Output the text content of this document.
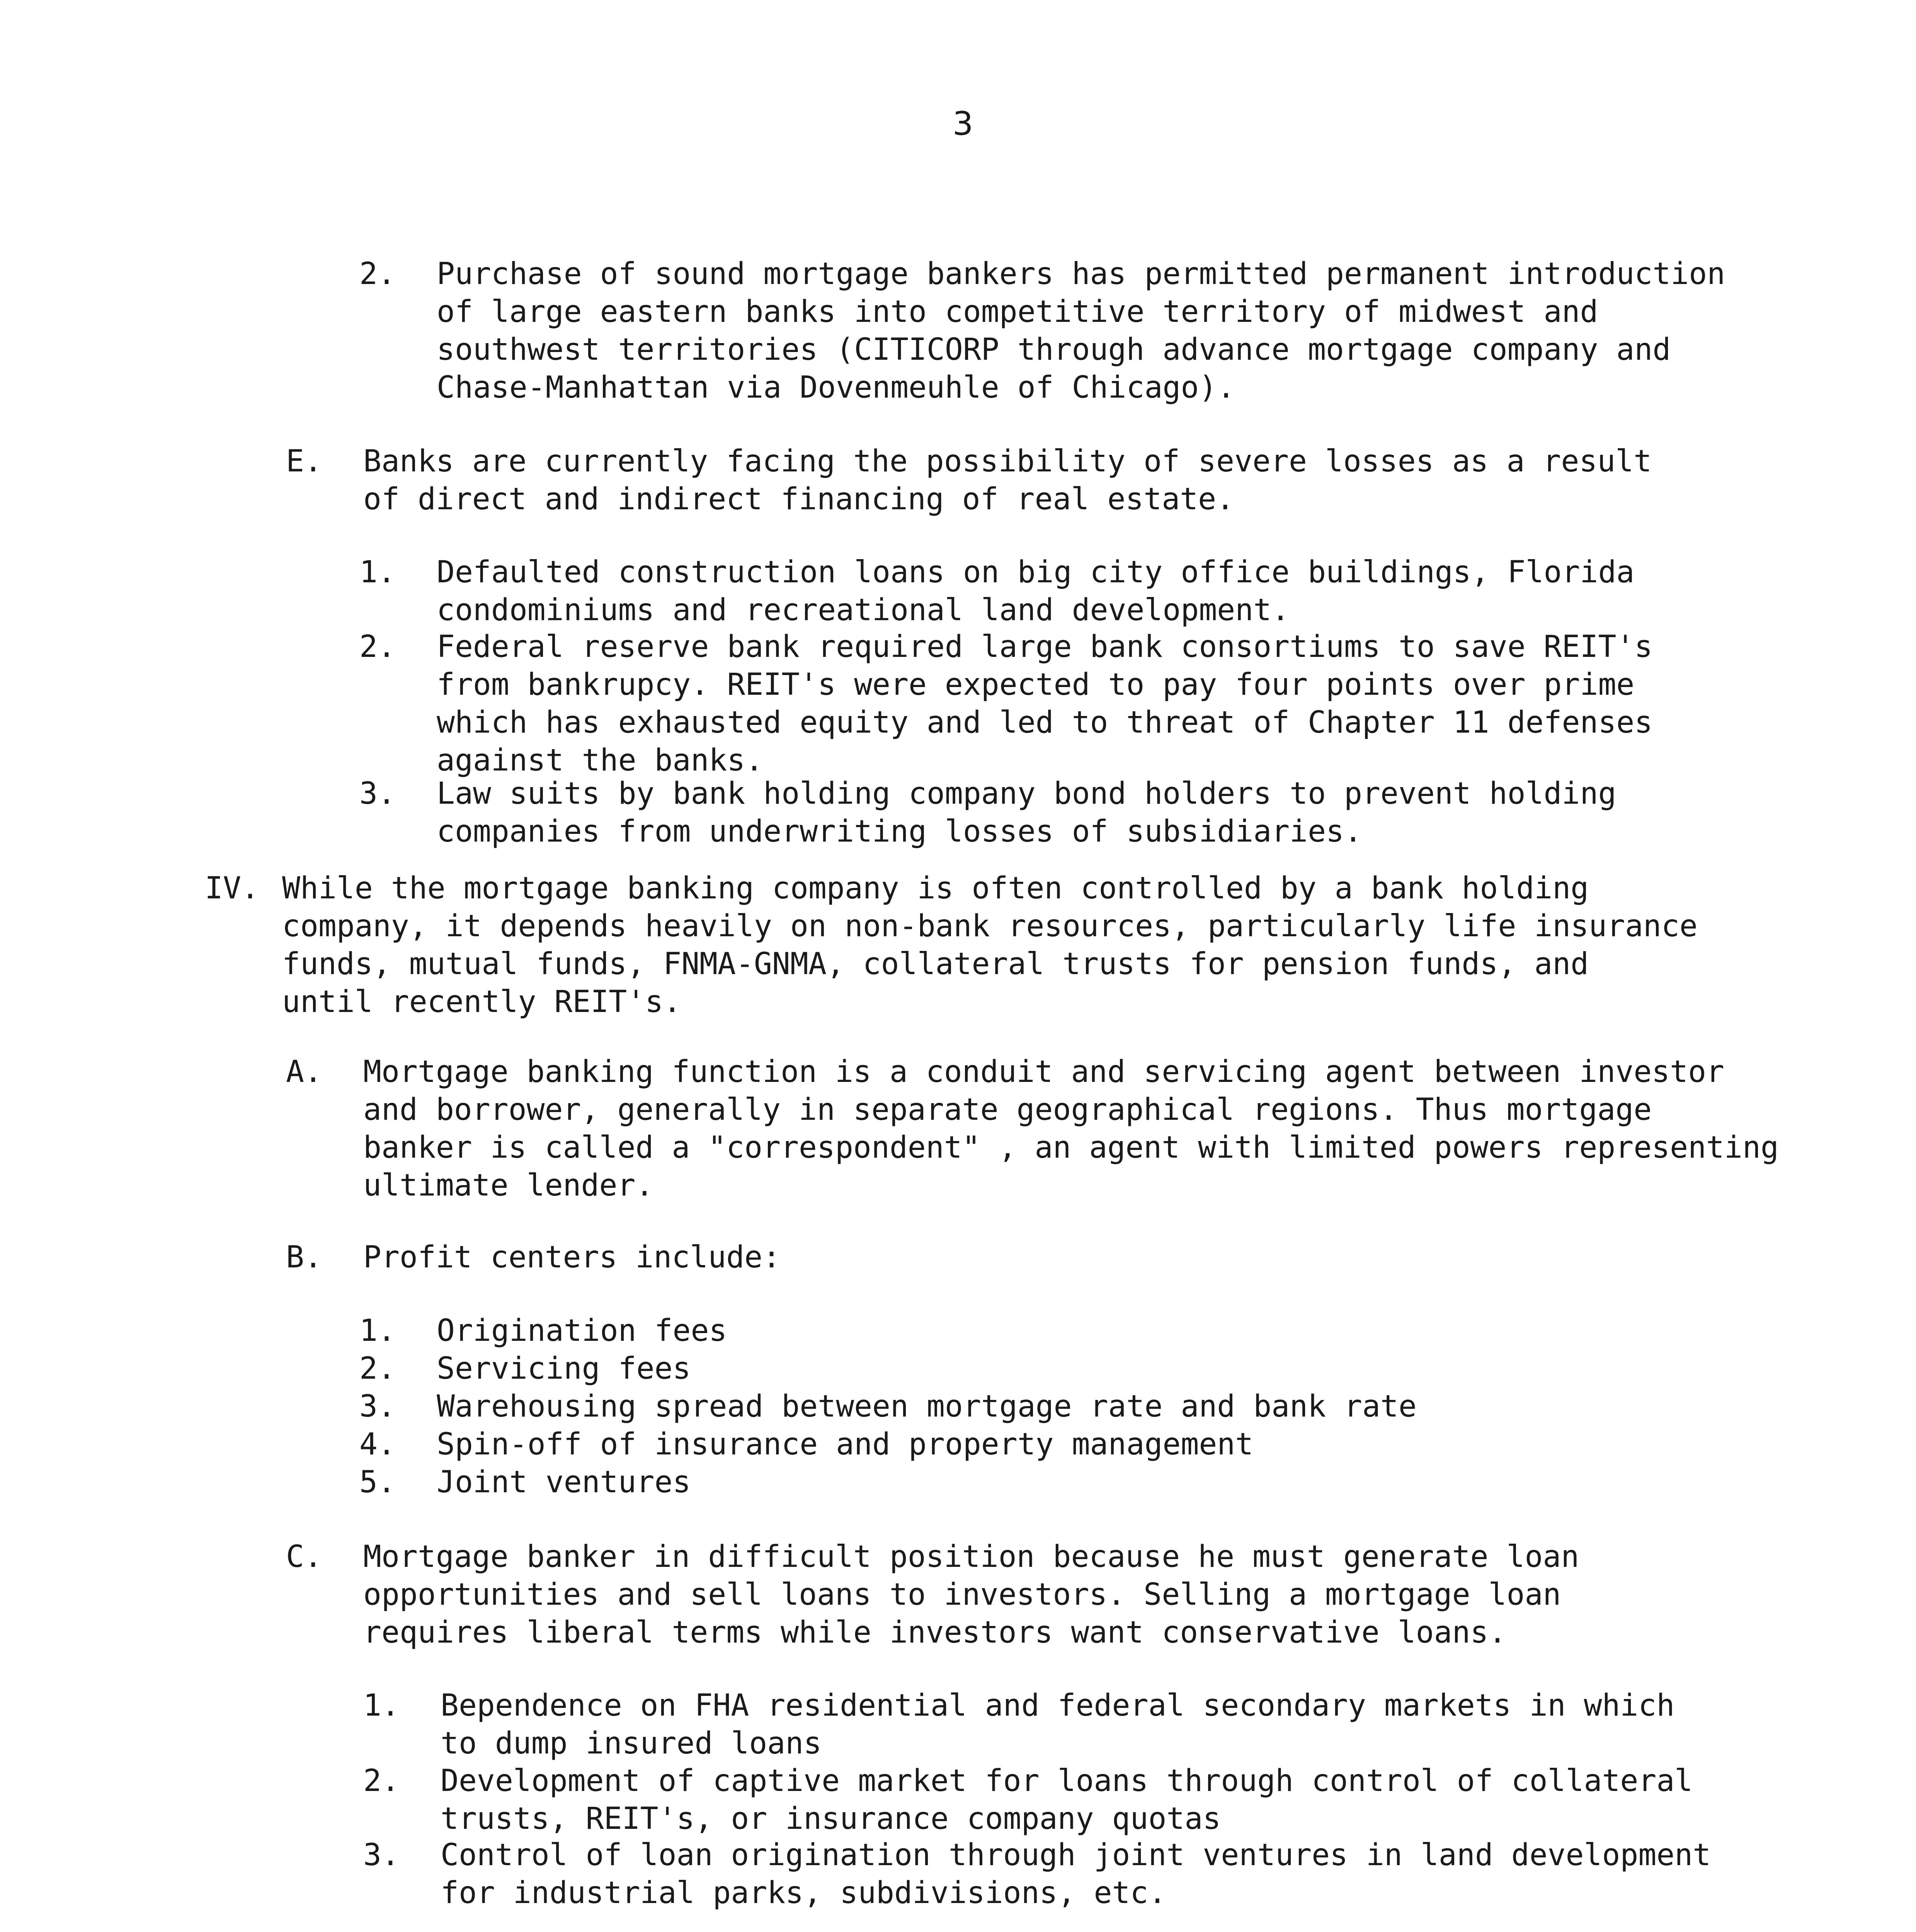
3
2.	Purchase of sound mortgage bankers has permitted permanent introduction
of large eastern banks into competitive territory of midwest and
southwest territories (CITICORP through advance mortgage company and
Chase-Manhattan via Dovenmeuhle of Chicago).
E.	Banks are currently facing the possibility of severe losses as a result
of direct and indirect financing of real estate.
1.	Defaulted construction loans on big city office buildings, Florida
condominiums and recreational land development.
2.	Federal reserve bank required large bank consortiums to save REIT's
from bankrupcy. REIT's were expected to pay four points over prime
which has exhausted equity and led to threat of Chapter 11 defenses
against the banks.
3.	Law suits by bank holding company bond holders to prevent holding
companies from underwriting losses of subsidiaries.
IV. While the mortgage banking company is often controlled by a bank holding
company, it depends heavily on non-bank resources, particularly life insurance
funds, mutual funds, FNMA-GNMA, collateral trusts for pension funds, and
until recently REIT's.
A.	Mortgage banking function is a conduit and servicing agent between investor
and borrower, generally in separate geographical regions. Thus mortgage
banker is called a "correspondent" , an agent with limited powers representing
ultimate lender.
B.	Profit centers include:
1.	Origination fees
2.	Servicing fees
3.	Warehousing spread between mortgage rate and bank rate
4.	Spin-off of insurance and property management
5.	Joint ventures
C.	Mortgage banker in difficult position because he must generate loan
opportunities and sell loans to investors. Selling a mortgage loan
requires liberal terms while investors want conservative loans.
1.	Bependence on FHA residential and federal secondary markets in which
to dump insured loans
2.	Development of captive market for loans through control of collateral
trusts, REIT's, or insurance company quotas
3.	Control of loan origination through joint ventures in land development
for industrial parks, subdivisions, etc.
